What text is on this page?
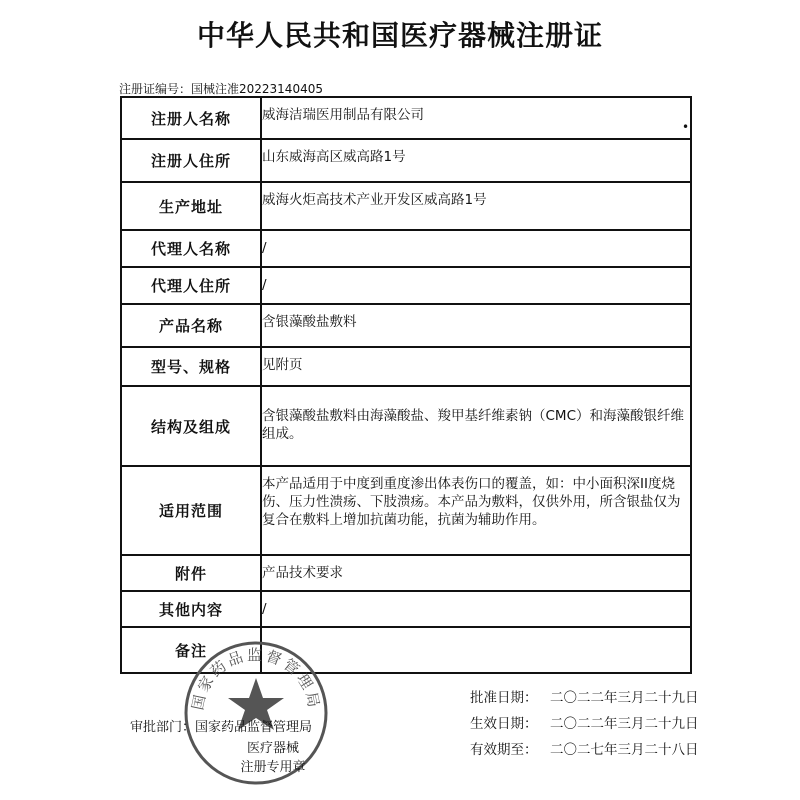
中华人民共和国医疗器械注册证
注册证编号：国械注准20223140405
注册人名称	威海洁瑞医用制品有限公司
注册人住所	山东威海高区威高路1号
生产地址	威海火炬高技术产业开发区威高路1号
代理人名称	/
代理人住所	/
产品名称	含银藻酸盐敷料
型号、规格	见附页
结构及组成	含银藻酸盐敷料由海藻酸盐、羧甲基纤维素钠（CMC）和海藻酸银纤维组成。
适用范围	本产品适用于中度到重度渗出体表伤口的覆盖，如：中小面积深II度烧伤、压力性溃疡、下肢溃疡。本产品为敷料，仅供外用，所含银盐仅为复合在敷料上增加抗菌功能，抗菌为辅助作用。
附件	产品技术要求
其他内容	/
备注	
•
国家药品监督管理局
审批部门：国家药品监督管理局
医疗器械
注册专用章
批准日期： 二〇二二年三月二十九日
生效日期： 二〇二二年三月二十九日
有效期至： 二〇二七年三月二十八日
